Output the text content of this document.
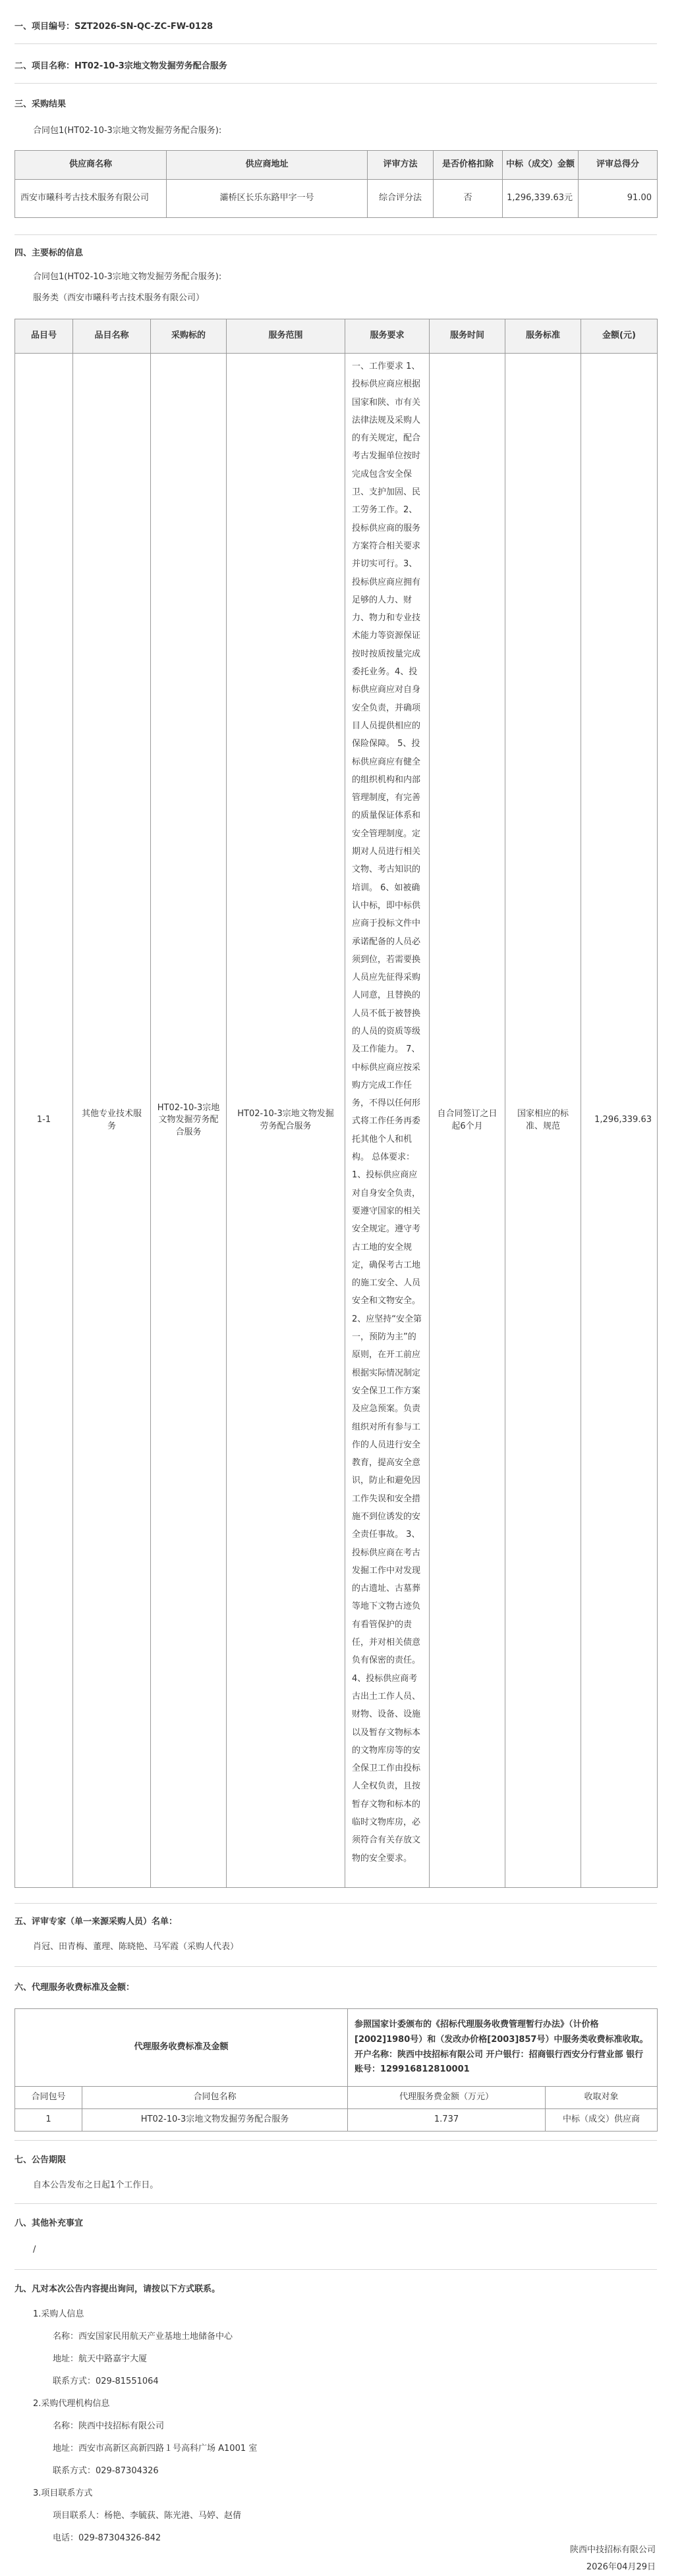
一、项目编号：SZT2026-SN-QC-ZC-FW-0128
二、项目名称：HT02-10-3宗地文物发掘劳务配合服务
三、采购结果
合同包1(HT02-10-3宗地文物发掘劳务配合服务):
供应商名称	供应商地址	评审方法	是否价格扣除	中标（成交）金额	评审总得分
西安市曦科考古技术服务有限公司	灞桥区长乐东路甲字一号	综合评分法	否	1,296,339.63元	91.00
四、主要标的信息
合同包1(HT02-10-3宗地文物发掘劳务配合服务):
服务类（西安市曦科考古技术服务有限公司）
品目号	品目名称	采购标的	服务范围	服务要求	服务时间	服务标准	金额(元)
1-1	其他专业技术服务	HT02-10-3宗地文物发掘劳务配合服务	HT02-10-3宗地文物发掘劳务配合服务	一、工作要求 1、投标供应商应根据国家和陕、市有关法律法规及采购人的有关规定，配合考古发掘单位按时完成包含安全保卫、支护加固、民工劳务工作。2、投标供应商的服务方案符合相关要求并切实可行。3、投标供应商应拥有足够的人力、财力、物力和专业技术能力等资源保证按时按质按量完成委托业务。4、投标供应商应对自身安全负责，并确项目人员提供相应的保险保障。 5、投标供应商应有健全的组织机构和内部管理制度，有完善的质量保证体系和安全管理制度。定期对人员进行相关文物、考古知识的培训。 6、如被确认中标，即中标供应商于投标文件中承诺配备的人员必须到位，若需要换人员应先征得采购人同意，且替换的人员不低于被替换的人员的资质等级及工作能力。 7、中标供应商应按采购方完成工作任务，不得以任何形式将工作任务再委托其他个人和机构。 总体要求：1、投标供应商应对自身安全负责，要遵守国家的相关安全规定。遵守考古工地的安全规定，确保考古工地的施工安全、人员安全和文物安全。 2、应坚持“安全第一，预防为主”的原则，在开工前应根据实际情况制定安全保卫工作方案及应急预案。负责组织对所有参与工作的人员进行安全教育，提高安全意识，防止和避免因工作失误和安全措施不到位诱发的安全责任事故。 3、投标供应商在考古发掘工作中对发现的古遗址、古墓葬等地下文物古迹负有看管保护的责任，并对相关债意负有保密的责任。 4、投标供应商考古出土工作人员、财物、设备、设施以及暂存文物标本的文物库房等的安全保卫工作由投标人全权负责，且按暂存文物和标本的临时文物库房，必须符合有关存放文物的安全要求。	自合同签订之日起6个月	国家相应的标准、规范	1,296,339.63
五、评审专家（单一来源采购人员）名单：
肖冠、田青梅、董理、陈晓艳、马军霞（采购人代表）
六、代理服务收费标准及金额：
代理服务收费标准及金额		参照国家计委颁布的《招标代理服务收费管理暂行办法》（计价格[2002]1980号）和（发改办价格[2003]857号）中服务类收费标准收取。
开户名称：陕西中技招标有限公司 开户银行：招商银行西安分行营业部 银行账号：129916812810001	

合同包号	合同包名称	代理服务费金额（万元）	收取对象
1	HT02-10-3宗地文物发掘劳务配合服务	1.737	中标（成交）供应商
七、公告期限
自本公告发布之日起1个工作日。
八、其他补充事宜
/
九、凡对本次公告内容提出询问，请按以下方式联系。
1.采购人信息
名称：西安国家民用航天产业基地土地储备中心
地址：航天中路嘉宇大厦
联系方式：029-81551064
2.采购代理机构信息
名称：陕西中技招标有限公司
地址：西安市高新区高新四路１号高科广场 A1001 室
联系方式：029-87304326
3.项目联系方式
项目联系人：杨艳、李毓荻、陈光港、马婷、赵倩
电话：029-87304326-842
陕西中技招标有限公司
2026年04月29日
